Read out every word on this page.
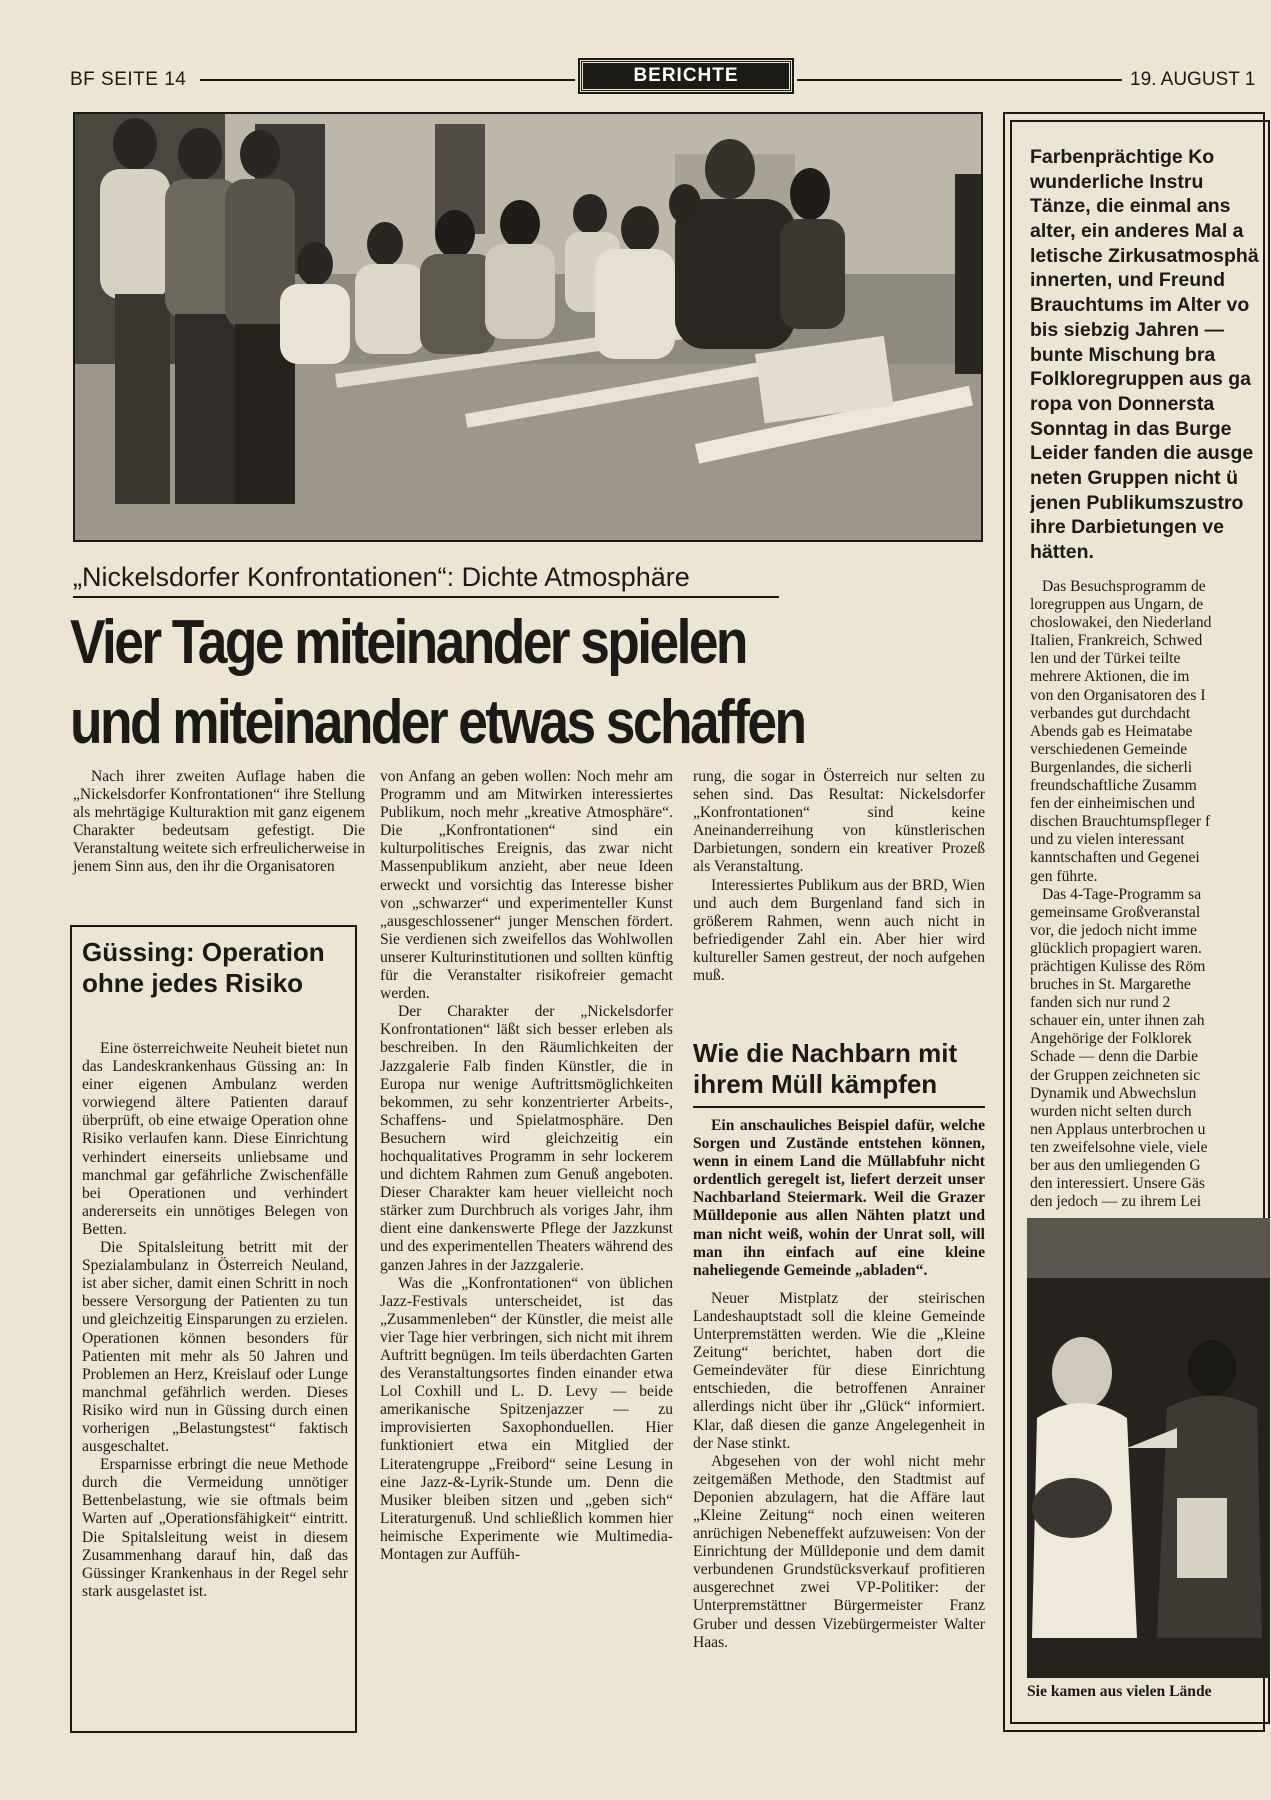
BF SEITE 14	BERICHTE	19. AUGUST 1
„Nickelsdorfer Konfrontationen“: Dichte Atmosphäre
Vier Tage miteinander spielen
und miteinander etwas schaffen

Nach ihrer zweiten Auflage haben die „Nickelsdorfer Konfrontationen“ ihre Stellung als mehrtägige Kulturaktion mit ganz eigenem Charakter bedeutsam gefestigt. Die Veranstaltung weitete sich erfreulicherweise in jenem Sinn aus, den ihr die Organisatoren

Güssing: Operation ohne jedes Risiko

Eine österreichweite Neuheit bietet nun das Landeskrankenhaus Güssing an: In einer eigenen Ambulanz werden vorwiegend ältere Patienten darauf überprüft, ob eine etwaige Operation ohne Risiko verlaufen kann. Diese Einrichtung verhindert einerseits unliebsame und manchmal gar gefährliche Zwischenfälle bei Operationen und verhindert andererseits ein unnötiges Belegen von Betten.

Die Spitalsleitung betritt mit der Spezialambulanz in Österreich Neuland, ist aber sicher, damit einen Schritt in noch bessere Versorgung der Patienten zu tun und gleichzeitig Einsparungen zu erzielen. Operationen können besonders für Patienten mit mehr als 50 Jahren und Problemen an Herz, Kreislauf oder Lunge manchmal gefährlich werden. Dieses Risiko wird nun in Güssing durch einen vorherigen „Belastungstest“ faktisch ausgeschaltet.

Ersparnisse erbringt die neue Methode durch die Vermeidung unnötiger Bettenbelastung, wie sie oftmals beim Warten auf „Operationsfähigkeit“ eintritt. Die Spitalsleitung weist in diesem Zusammenhang darauf hin, daß das Güssinger Krankenhaus in der Regel sehr stark ausgelastet ist.

von Anfang an geben wollen: Noch mehr am Programm und am Mitwirken interessiertes Publikum, noch mehr „kreative Atmosphäre“. Die „Konfrontationen“ sind ein kulturpolitisches Ereignis, das zwar nicht Massenpublikum anzieht, aber neue Ideen erweckt und vorsichtig das Interesse bisher von „schwarzer“ und experimenteller Kunst „ausgeschlossener“ junger Menschen fördert. Sie verdienen sich zweifellos das Wohlwollen unserer Kulturinstitutionen und sollten künftig für die Veranstalter risikofreier gemacht werden.

Der Charakter der „Nickelsdorfer Konfrontationen“ läßt sich besser erleben als beschreiben. In den Räumlichkeiten der Jazzgalerie Falb finden Künstler, die in Europa nur wenige Auftrittsmöglichkeiten bekommen, zu sehr konzentrierter Arbeits-, Schaffens- und Spielatmosphäre. Den Besuchern wird gleichzeitig ein hochqualitatives Programm in sehr lockerem und dichtem Rahmen zum Genuß angeboten. Dieser Charakter kam heuer vielleicht noch stärker zum Durchbruch als voriges Jahr, ihm dient eine dankenswerte Pflege der Jazzkunst und des experimentellen Theaters während des ganzen Jahres in der Jazzgalerie.

Was die „Konfrontationen“ von üblichen Jazz-Festivals unterscheidet, ist das „Zusammenleben“ der Künstler, die meist alle vier Tage hier verbringen, sich nicht mit ihrem Auftritt begnügen. Im teils überdachten Garten des Veranstaltungsortes finden einander etwa Lol Coxhill und L. D. Levy — beide amerikanische Spitzenjazzer — zu improvisierten Saxophonduellen. Hier funktioniert etwa ein Mitglied der Literatengruppe „Freibord“ seine Lesung in eine Jazz-&-Lyrik-Stunde um. Denn die Musiker bleiben sitzen und „geben sich“ Literaturgenuß. Und schließlich kommen hier heimische Experimente wie Multimedia-Montagen zur Auffüh-

rung, die sogar in Österreich nur selten zu sehen sind. Das Resultat: Nickelsdorfer „Konfrontationen“ sind keine Aneinanderreihung von künstlerischen Darbietungen, sondern ein kreativer Prozeß als Veranstaltung.

Interessiertes Publikum aus der BRD, Wien und auch dem Burgenland fand sich in größerem Rahmen, wenn auch nicht in befriedigender Zahl ein. Aber hier wird kultureller Samen gestreut, der noch aufgehen muß.

Wie die Nachbarn mit ihrem Müll kämpfen

Ein anschauliches Beispiel dafür, welche Sorgen und Zustände entstehen können, wenn in einem Land die Müllabfuhr nicht ordentlich geregelt ist, liefert derzeit unser Nachbarland Steiermark. Weil die Grazer Mülldeponie aus allen Nähten platzt und man nicht weiß, wohin der Unrat soll, will man ihn einfach auf eine kleine naheliegende Gemeinde „abladen“.

Neuer Mistplatz der steirischen Landeshauptstadt soll die kleine Gemeinde Unterpremstätten werden. Wie die „Kleine Zeitung“ berichtet, haben dort die Gemeindeväter für diese Einrichtung entschieden, die betroffenen Anrainer allerdings nicht über ihr „Glück“ informiert. Klar, daß diesen die ganze Angelegenheit in der Nase stinkt.

Abgesehen von der wohl nicht mehr zeitgemäßen Methode, den Stadtmist auf Deponien abzulagern, hat die Affäre laut „Kleine Zeitung“ noch einen weiteren anrüchigen Nebeneffekt aufzuweisen: Von der Einrichtung der Mülldeponie und dem damit verbundenen Grundstücksverkauf profitieren ausgerechnet zwei VP-Politiker: der Unterpremstättner Bürgermeister Franz Gruber und dessen Vizebürgermeister Walter Haas.

Farbenprächtige Ko
wunderliche Instru
Tänze, die einmal ans
alter, ein anderes Mal a
letische Zirkusatmosphä
innerten, und Freund
Brauchtums im Alter vo
bis siebzig Jahren —
bunte Mischung bra
Folkloregruppen aus ga
ropa von Donnersta
Sonntag in das Burge
Leider fanden die ausge
neten Gruppen nicht ü
jenen Publikumszustro
ihre Darbietungen ve
hätten.
Das Besuchsprogramm de
loregruppen aus Ungarn, de
choslowakei, den Niederland
Italien, Frankreich, Schwed
len und der Türkei teilte
mehrere Aktionen, die im
von den Organisatoren des I
verbandes gut durchdacht
Abends gab es Heimatabe
verschiedenen Gemeinde
Burgenlandes, die sicherli
freundschaftliche Zusamm
fen der einheimischen und
dischen Brauchtumspfleger f
und zu vielen interessant
kanntschaften und Gegenei
gen führte.
Das 4-Tage-Programm sa
gemeinsame Großveranstal
vor, die jedoch nicht imme
glücklich propagiert waren.
prächtigen Kulisse des Röm
bruches in St. Margarethe
fanden sich nur rund 2
schauer ein, unter ihnen zah
Angehörige der Folklorek
Schade — denn die Darbie
der Gruppen zeichneten sic
Dynamik und Abwechslun
wurden nicht selten durch
nen Applaus unterbrochen u
ten zweifelsohne viele, viele
ber aus den umliegenden G
den interessiert. Unsere Gäs
den jedoch — zu ihrem Lei
Sie kamen aus vielen Lände
